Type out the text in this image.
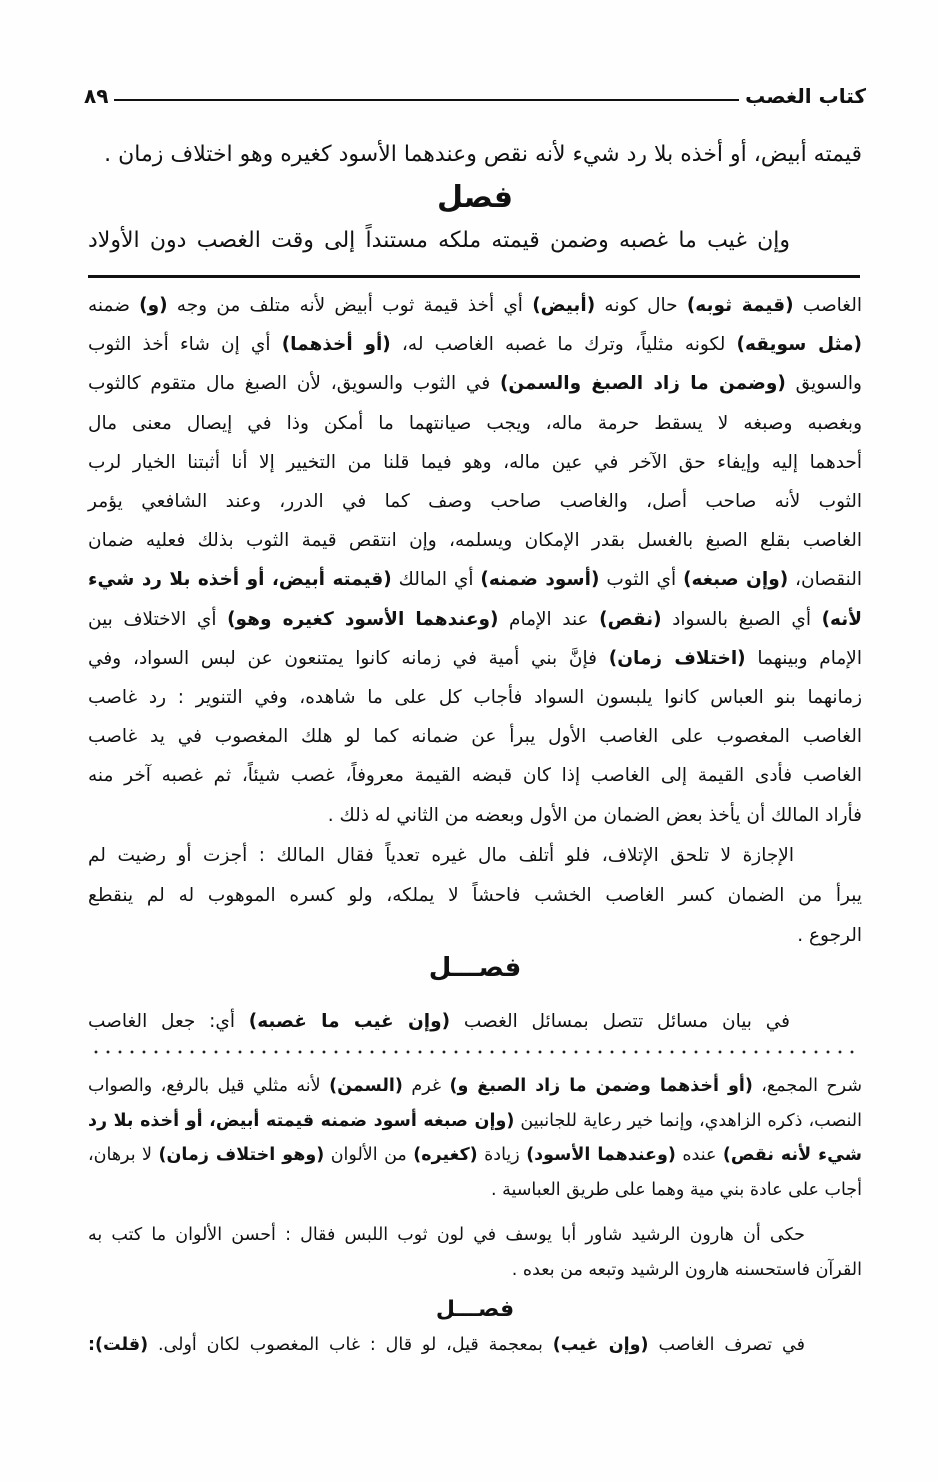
كتاب الغصب
٨٩
قيمته أبيض، أو أخذه بلا رد شيء لأنه نقص وعندهما الأسود كغيره وهو اختلاف زمان .
فصل
وإن غيب ما غصبه وضمن قيمته ملكه مستنداً إلى وقت الغصب دون الأولاد
الغاصب (قيمة ثوبه) حال كونه (أبيض) أي أخذ قيمة ثوب أبيض لأنه متلف من وجه (و) ضمنه
(مثل سويقه) لكونه مثلياً، وترك ما غصبه الغاصب له، (أو أخذهما) أي إن شاء أخذ الثوب
والسويق (وضمن ما زاد الصبغ والسمن) في الثوب والسويق، لأن الصبغ مال متقوم كالثوب
وبغصبه وصبغه لا يسقط حرمة ماله، ويجب صيانتهما ما أمكن وذا في إيصال معنى مال
أحدهما إليه وإيفاء حق الآخر في عين ماله، وهو فيما قلنا من التخيير إلا أنا أثبتنا الخيار لرب
الثوب لأنه صاحب أصل، والغاصب صاحب وصف كما في الدرر، وعند الشافعي يؤمر
الغاصب بقلع الصبغ بالغسل بقدر الإمكان ويسلمه، وإن انتقص قيمة الثوب بذلك فعليه ضمان
النقصان، (وإن صبغه) أي الثوب (أسود ضمنه) أي المالك (قيمته أبيض، أو أخذه بلا رد شيء
لأنه) أي الصبغ بالسواد (نقص) عند الإمام (وعندهما الأسود كغيره وهو) أي الاختلاف بين
الإمام وبينهما (اختلاف زمان) فإنَّ بني أمية في زمانه كانوا يمتنعون عن لبس السواد، وفي
زمانهما بنو العباس كانوا يلبسون السواد فأجاب كل على ما شاهده، وفي التنوير : رد غاصب
الغاصب المغصوب على الغاصب الأول يبرأ عن ضمانه كما لو هلك المغصوب في يد غاصب
الغاصب فأدى القيمة إلى الغاصب إذا كان قبضه القيمة معروفاً، غصب شيئاً، ثم غصبه آخر منه
فأراد المالك أن يأخذ بعض الضمان من الأول وبعضه من الثاني له ذلك .
الإجازة لا تلحق الإتلاف، فلو أتلف مال غيره تعدياً فقال المالك : أجزت أو رضيت لم
يبرأ من الضمان كسر الغاصب الخشب فاحشاً لا يملكه، ولو كسره الموهوب له لم ينقطع
الرجوع .
فصـــل
في بيان مسائل تتصل بمسائل الغصب (وإن غيب ما غصبه) أي: جعل الغاصب
شرح المجمع، (أو أخذهما وضمن ما زاد الصبغ و) غرم (السمن) لأنه مثلي قيل بالرفع، والصواب
النصب، ذكره الزاهدي، وإنما خير رعاية للجانبين (وإن صبغه أسود ضمنه قيمته أبيض، أو أخذه بلا رد
شيء لأنه نقص) عنده (وعندهما الأسود) زيادة (كغيره) من الألوان (وهو اختلاف زمان) لا برهان،
أجاب على عادة بني مية وهما على طريق العباسية .
حكى أن هارون الرشيد شاور أبا يوسف في لون ثوب اللبس فقال : أحسن الألوان ما كتب به
القرآن فاستحسنه هارون الرشيد وتبعه من بعده .
فصـــل
في تصرف الغاصب (وإن غيب) بمعجمة قيل، لو قال : غاب المغصوب لكان أولى. (قلت):
